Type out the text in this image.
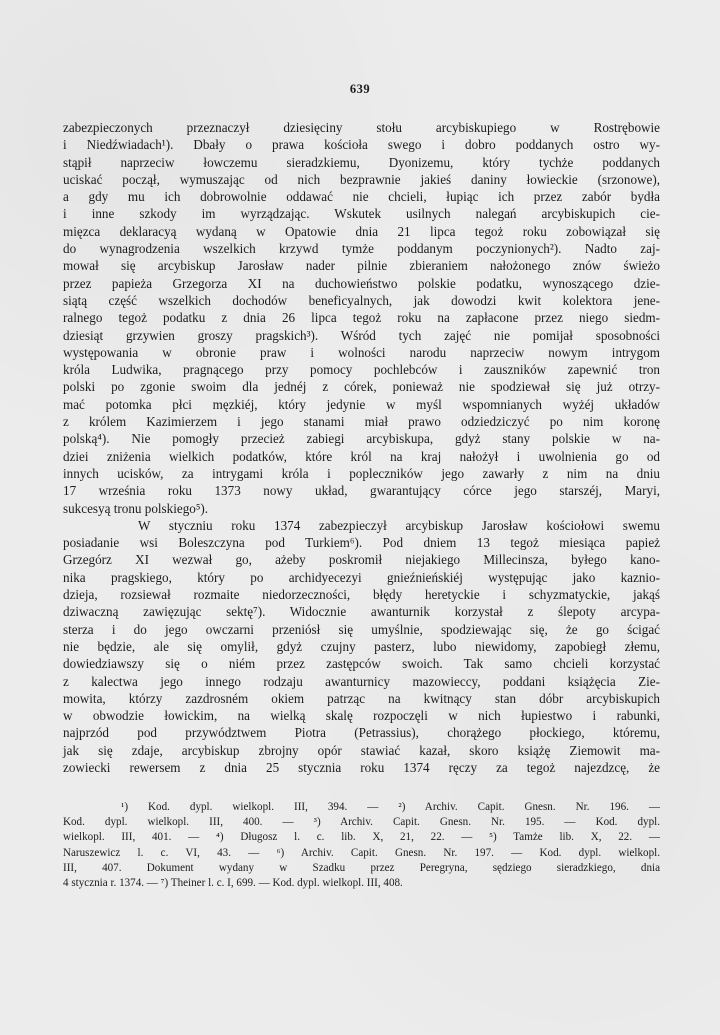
639
zabezpieczonych przeznaczył dziesięciny stołu arcybiskupiego w Rostrębowie
i Niedźwiadach¹). Dbały o prawa kościoła swego i dobro poddanych ostro wy-
stąpił naprzeciw łowczemu sieradzkiemu, Dyonizemu, który tychże poddanych
uciskać począł, wymuszając od nich bezprawnie jakieś daniny łowieckie (srzonowe),
a gdy mu ich dobrowolnie oddawać nie chcieli, łupiąc ich przez zabór bydła
i inne szkody im wyrządzając. Wskutek usilnych nalegań arcybiskupich cie-
mięzca deklaracyą wydaną w Opatowie dnia 21 lipca tegoż roku zobowiązał się
do wynagrodzenia wszelkich krzywd tymże poddanym poczynionych²). Nadto zaj-
mował się arcybiskup Jarosław nader pilnie zbieraniem nałożonego znów świeżo
przez papieża Grzegorza XI na duchowieństwo polskie podatku, wynoszącego dzie-
siątą część wszelkich dochodów beneficyalnych, jak dowodzi kwit kolektora jene-
ralnego tegoż podatku z dnia 26 lipca tegoż roku na zapłacone przez niego siedm-
dziesiąt grzywien groszy pragskich³). Wśród tych zajęć nie pomijał sposobności
występowania w obronie praw i wolności narodu naprzeciw nowym intrygom
króla Ludwika, pragnącego przy pomocy pochlebców i zauszników zapewnić tron
polski po zgonie swoim dla jednéj z córek, ponieważ nie spodziewał się już otrzy-
mać potomka płci męzkiéj, który jedynie w myśl wspomnianych wyżéj układów
z królem Kazimierzem i jego stanami miał prawo odziedziczyć po nim koronę
polską⁴). Nie pomogły przecież zabiegi arcybiskupa, gdyż stany polskie w na-
dziei zniżenia wielkich podatków, które król na kraj nałożył i uwolnienia go od
innych ucisków, za intrygami króla i popleczników jego zawarły z nim na dniu
17 września roku 1373 nowy układ, gwarantujący córce jego starszéj, Maryi,
sukcesyą tronu polskiego⁵).
W styczniu roku 1374 zabezpieczył arcybiskup Jarosław kościołowi swemu
posiadanie wsi Boleszczyna pod Turkiem⁶). Pod dniem 13 tegoż miesiąca papież
Grzegórz XI wezwał go, ażeby poskromił niejakiego Millecinsza, byłego kano-
nika pragskiego, który po archidyecezyi gnieźnieńskiéj występując jako kaznio-
dzieja, rozsiewał rozmaite niedorzeczności, błędy heretyckie i schyzmatyckie, jakąś
dziwaczną zawięzując sektę⁷). Widocznie awanturnik korzystał z ślepoty arcypa-
sterza i do jego owczarni przeniósł się umyślnie, spodziewając się, że go ścigać
nie będzie, ale się omylił, gdyż czujny pasterz, lubo niewidomy, zapobiegł złemu,
dowiedziawszy się o niém przez zastępców swoich. Tak samo chcieli korzystać
z kalectwa jego innego rodzaju awanturnicy mazowieccy, poddani książęcia Zie-
mowita, którzy zazdrosném okiem patrząc na kwitnący stan dóbr arcybiskupich
w obwodzie łowickim, na wielką skalę rozpoczęli w nich łupiestwo i rabunki,
najprzód pod przywództwem Piotra (Petrassius), chorążego płockiego, któremu,
jak się zdaje, arcybiskup zbrojny opór stawiać kazał, skoro książę Ziemowit ma-
zowiecki rewersem z dnia 25 stycznia roku 1374 ręczy za tegoż najezdzcę, że
¹) Kod. dypl. wielkopl. III, 394. — ²) Archiv. Capit. Gnesn. Nr. 196. —
Kod. dypl. wielkopl. III, 400. — ³) Archiv. Capit. Gnesn. Nr. 195. — Kod. dypl.
wielkopl. III, 401. — ⁴) Długosz l. c. lib. X, 21, 22. — ⁵) Tamże lib. X, 22. —
Naruszewicz l. c. VI, 43. — ⁶) Archiv. Capit. Gnesn. Nr. 197. — Kod. dypl. wielkopl.
III, 407. Dokument wydany w Szadku przez Peregryna, sędziego sieradzkiego, dnia
4 stycznia r. 1374. — ⁷) Theiner l. c. I, 699. — Kod. dypl. wielkopl. III, 408.
